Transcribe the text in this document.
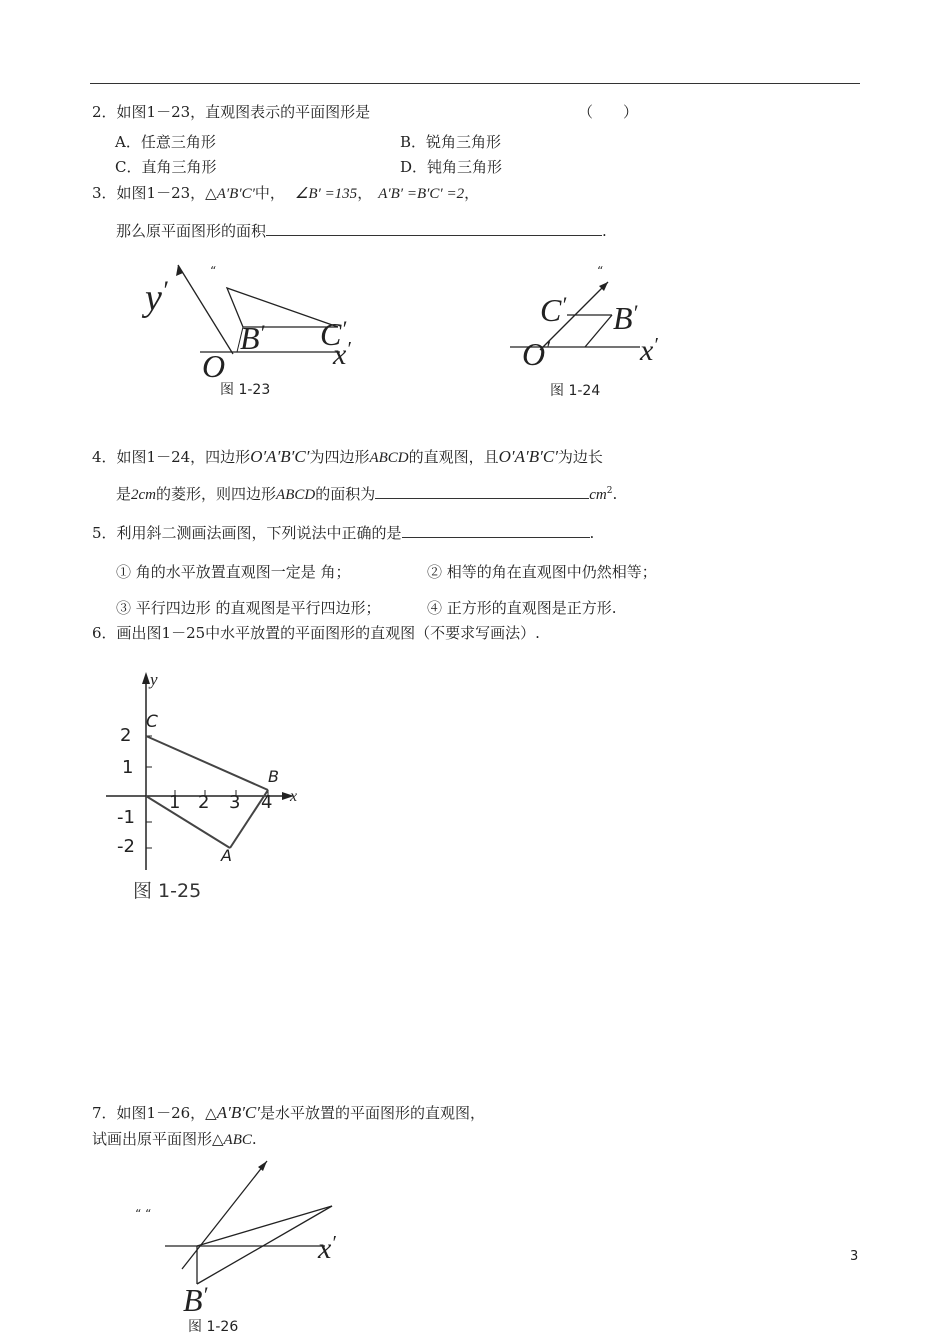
2．如图1－23，直观图表示的平面图形是	（　　）
A．任意三角形	B．锐角三角形
C．直角三角形	D．钝角三角形
3．如图1－23，△A′B′C′中， ∠B′ =135， A′B′ =B′C′ =2，
那么原平面图形的面积	.
y′
“
B′ C′
x′
O
图 1-23
“
C′ B′
O′	x′
图 1-24
4．如图1－24，四边形O′A′B′C′为四边形ABCD的直观图，且O′A′B′C′为边长
是2cm的菱形，则四边形ABCD的面积为	$cm^2$.
5．利用斜二测画法画图，下列说法中正确的是	.
① 角的水平放置直观图一定是 角；	② 相等的角在直观图中仍然相等；
③ 平行四边形 的直观图是平行四边形；	④ 正方形的直观图是正方形.
6．画出图1－25中水平放置的平面图形的直观图（不要求写画法）.
y
x
C
B
A
2
1
-1
-2
1 2 3 4
图 1-25
7．如图1－26，△A′B′C′是水平放置的平面图形的直观图，
试画出原平面图形△ABC.
“ “
x′
B′
图 1-26
3
